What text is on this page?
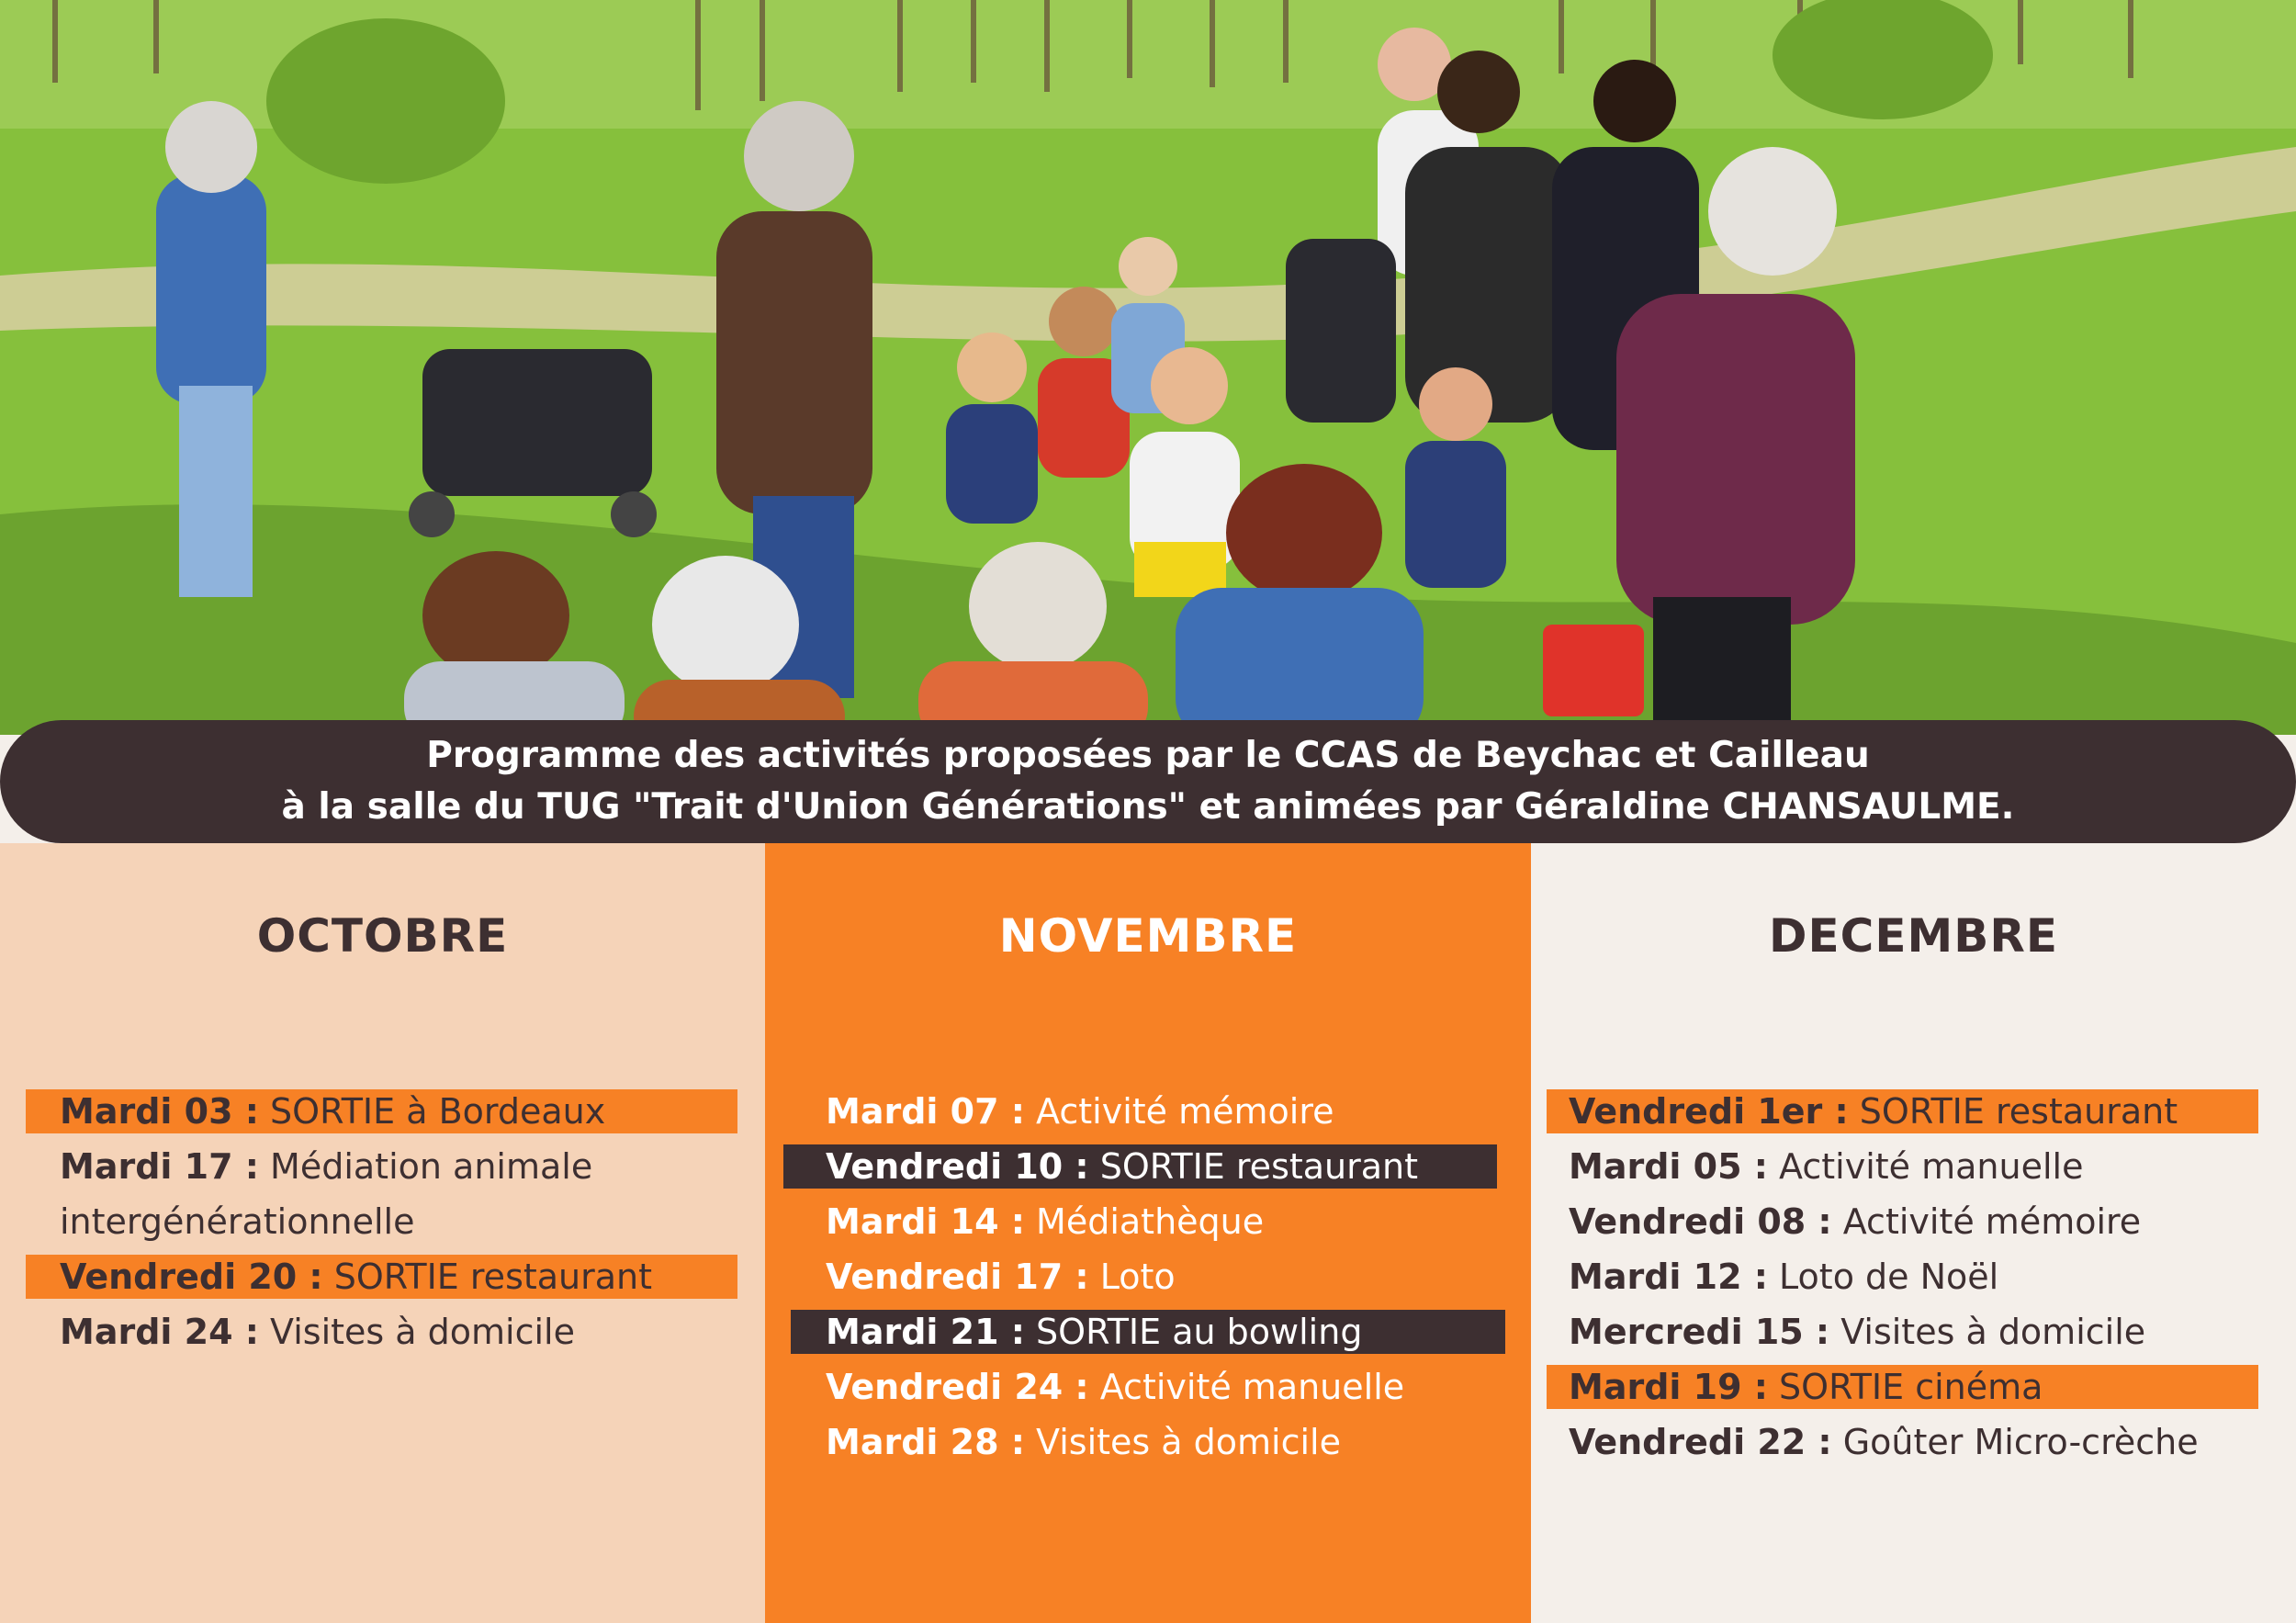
Programme des activités proposées par le CCAS de Beychac et Cailleau
à la salle du TUG "Trait d'Union Générations" et animées par Géraldine CHANSAULME.
OCTOBRE
Mardi 03 : SORTIE à Bordeaux
Mardi 17 : Médiation animale
intergénérationnelle
Vendredi 20 : SORTIE restaurant
Mardi 24 : Visites à domicile
NOVEMBRE
Mardi 07 : Activité mémoire
Vendredi 10 : SORTIE restaurant
Mardi 14 : Médiathèque
Vendredi 17 : Loto
Mardi 21 : SORTIE au bowling
Vendredi 24 : Activité manuelle
Mardi 28 : Visites à domicile
DECEMBRE
Vendredi 1er : SORTIE restaurant
Mardi 05 : Activité manuelle
Vendredi 08 : Activité mémoire
Mardi 12 : Loto de Noël
Mercredi 15 : Visites à domicile
Mardi 19 : SORTIE cinéma
Vendredi 22 : Goûter Micro-crèche
